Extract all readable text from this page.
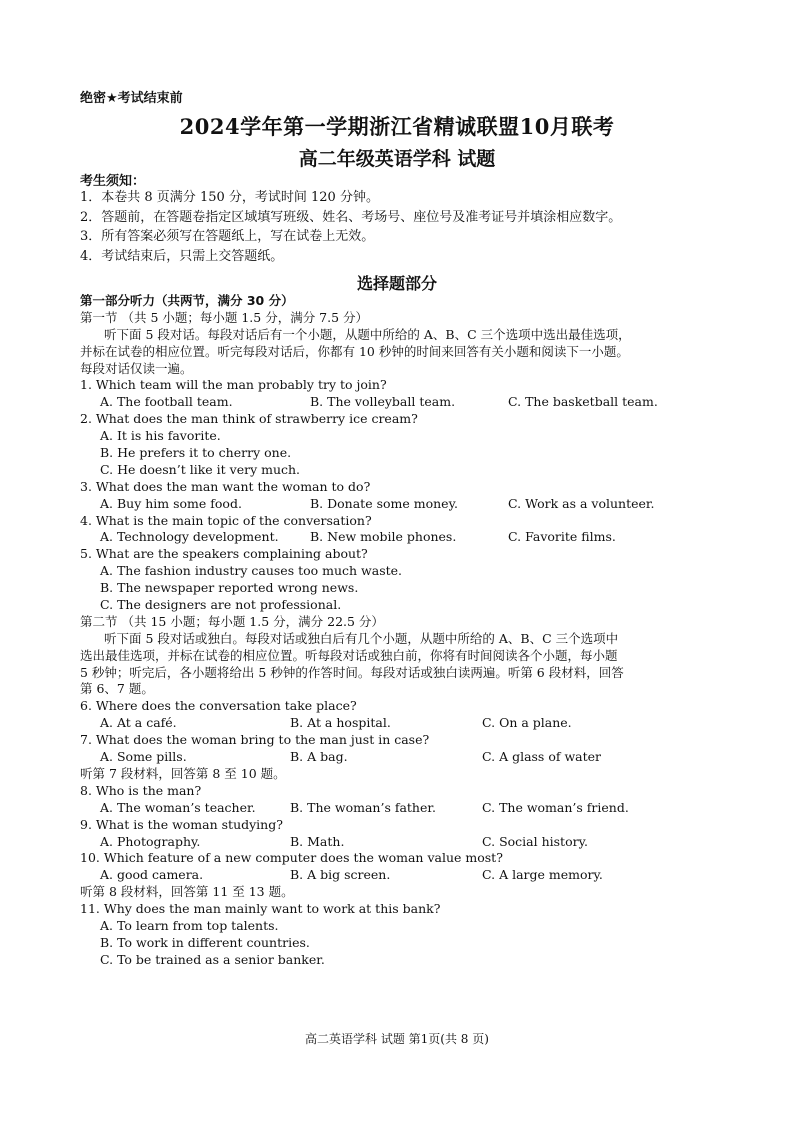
绝密★考试结束前
2024学年第一学期浙江省精诚联盟10月联考
高二年级英语学科 试题
考生须知：
1．本卷共 8 页满分 150 分，考试时间 120 分钟。
2．答题前，在答题卷指定区域填写班级、姓名、考场号、座位号及准考证号并填涂相应数字。
3．所有答案必须写在答题纸上，写在试卷上无效。
4．考试结束后，只需上交答题纸。
选择题部分
第一部分听力（共两节，满分 30 分）
第一节 （共 5 小题；每小题 1.5 分，满分 7.5 分）
听下面 5 段对话。每段对话后有一个小题，从题中所给的 A、B、C 三个选项中选出最佳选项，
并标在试卷的相应位置。听完每段对话后，你都有 10 秒钟的时间来回答有关小题和阅读下一小题。
每段对话仅读一遍。
1. Which team will the man probably try to join?
A. The football team.	B. The volleyball team.	C. The basketball team.
2. What does the man think of strawberry ice cream?
A. It is his favorite.
B. He prefers it to cherry one.
C. He doesn’t like it very much.
3. What does the man want the woman to do?
A. Buy him some food.	B. Donate some money.	C. Work as a volunteer.
4. What is the main topic of the conversation?
A. Technology development.	B. New mobile phones.	C. Favorite films.
5. What are the speakers complaining about?
A. The fashion industry causes too much waste.
B. The newspaper reported wrong news.
C. The designers are not professional.
第二节 （共 15 小题；每小题 1.5 分，满分 22.5 分）
听下面 5 段对话或独白。每段对话或独白后有几个小题，从题中所给的 A、B、C 三个选项中
选出最佳选项，并标在试卷的相应位置。听每段对话或独白前，你将有时间阅读各个小题，每小题
5 秒钟；听完后，各小题将给出 5 秒钟的作答时间。每段对话或独白读两遍。听第 6 段材料，回答
第 6、7 题。
6. Where does the conversation take place?
A. At a café.	B. At a hospital.	C. On a plane.
7. What does the woman bring to the man just in case?
A. Some pills.	B. A bag.	C. A glass of water
听第 7 段材料，回答第 8 至 10 题。
8. Who is the man?
A. The woman’s teacher.	B. The woman’s father.	C. The woman’s friend.
9. What is the woman studying?
A. Photography.	B. Math.	C. Social history.
10. Which feature of a new computer does the woman value most?
A. good camera.	B. A big screen.	C. A large memory.
听第 8 段材料，回答第 11 至 13 题。
11. Why does the man mainly want to work at this bank?
A. To learn from top talents.
B. To work in different countries.
C. To be trained as a senior banker.
高二英语学科 试题 第1页(共 8 页)
